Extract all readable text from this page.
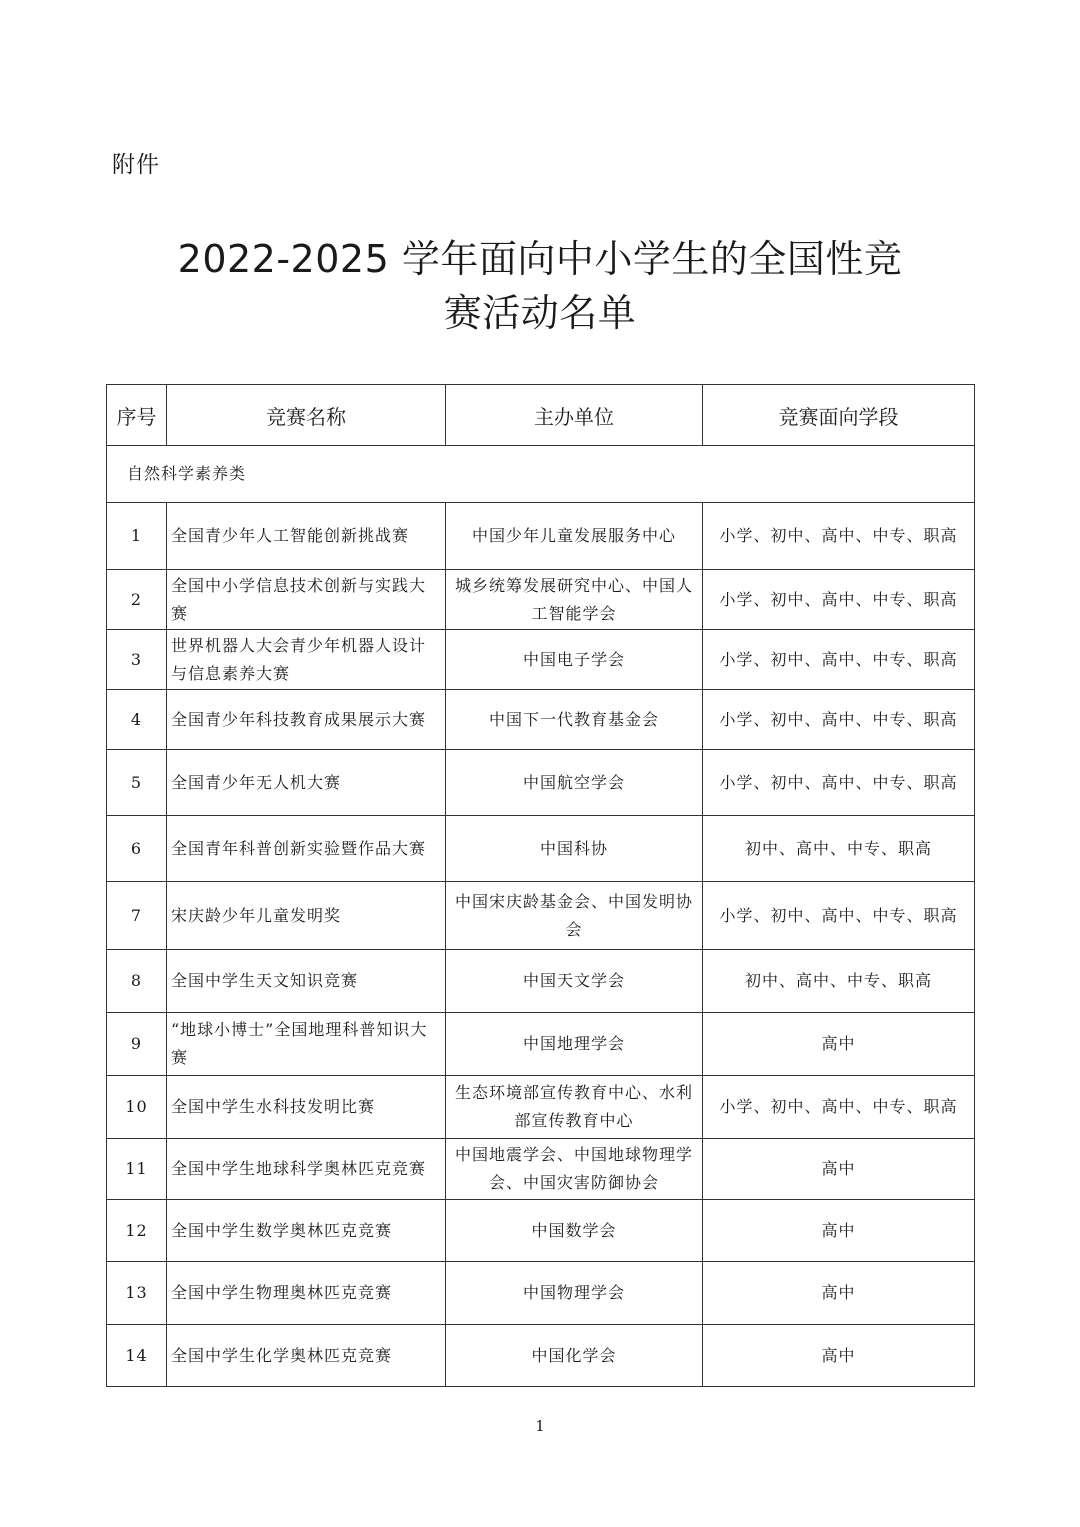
附件
2022-2025 学年面向中小学生的全国性竞
赛活动名单
序号	竞赛名称	主办单位	竞赛面向学段
自然科学素养类			
1	全国青少年人工智能创新挑战赛	中国少年儿童发展服务中心	小学、初中、高中、中专、职高
2	全国中小学信息技术创新与实践大赛	城乡统筹发展研究中心、中国人工智能学会	小学、初中、高中、中专、职高
3	世界机器人大会青少年机器人设计与信息素养大赛	中国电子学会	小学、初中、高中、中专、职高
4	全国青少年科技教育成果展示大赛	中国下一代教育基金会	小学、初中、高中、中专、职高
5	全国青少年无人机大赛	中国航空学会	小学、初中、高中、中专、职高
6	全国青年科普创新实验暨作品大赛	中国科协	初中、高中、中专、职高
7	宋庆龄少年儿童发明奖	中国宋庆龄基金会、中国发明协会	小学、初中、高中、中专、职高
8	全国中学生天文知识竞赛	中国天文学会	初中、高中、中专、职高
9	“地球小博士”全国地理科普知识大赛	中国地理学会	高中
10	全国中学生水科技发明比赛	生态环境部宣传教育中心、水利部宣传教育中心	小学、初中、高中、中专、职高
11	全国中学生地球科学奥林匹克竞赛	中国地震学会、中国地球物理学会、中国灾害防御协会	高中
12	全国中学生数学奥林匹克竞赛	中国数学会	高中
13	全国中学生物理奥林匹克竞赛	中国物理学会	高中
14	全国中学生化学奥林匹克竞赛	中国化学会	高中
1
